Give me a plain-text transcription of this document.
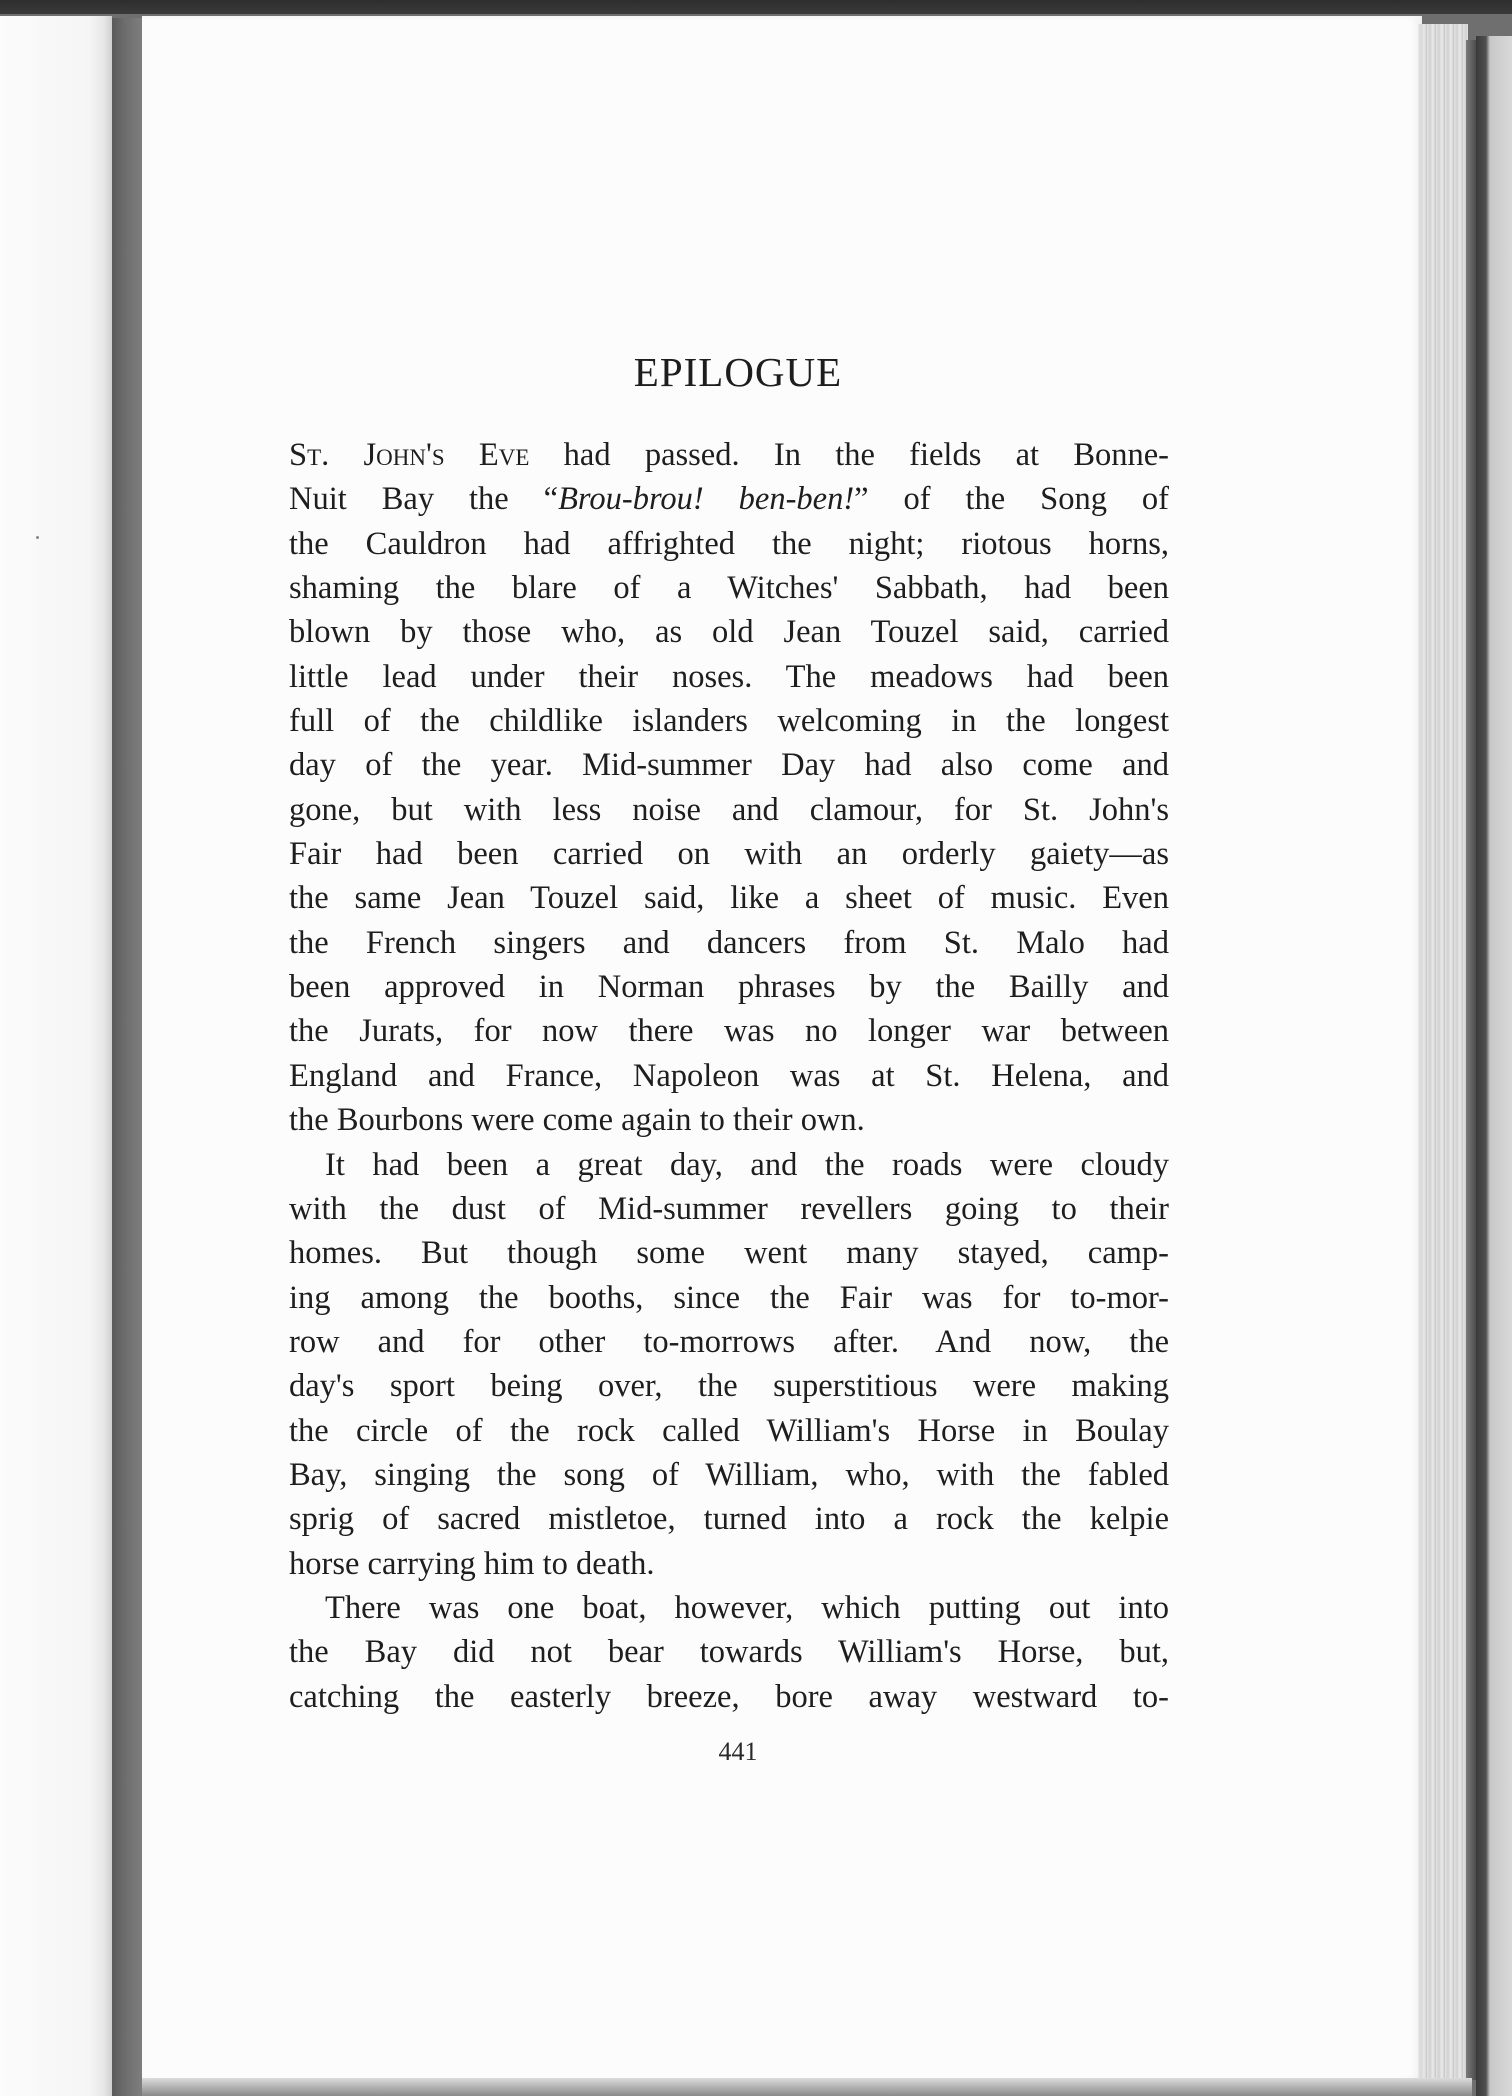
EPILOGUE
St. John's Eve had passed. In the fields at Bonne-
Nuit Bay the “Brou-brou! ben-ben!” of the Song of
the Cauldron had affrighted the night; riotous horns,
shaming the blare of a Witches' Sabbath, had been
blown by those who, as old Jean Touzel said, carried
little lead under their noses. The meadows had been
full of the childlike islanders welcoming in the longest
day of the year. Mid-summer Day had also come and
gone, but with less noise and clamour, for St. John's
Fair had been carried on with an orderly gaiety—as
the same Jean Touzel said, like a sheet of music. Even
the French singers and dancers from St. Malo had
been approved in Norman phrases by the Bailly and
the Jurats, for now there was no longer war between
England and France, Napoleon was at St. Helena, and
the Bourbons were come again to their own.
It had been a great day, and the roads were cloudy
with the dust of Mid-summer revellers going to their
homes. But though some went many stayed, camp-
ing among the booths, since the Fair was for to-mor-
row and for other to-morrows after. And now, the
day's sport being over, the superstitious were making
the circle of the rock called William's Horse in Boulay
Bay, singing the song of William, who, with the fabled
sprig of sacred mistletoe, turned into a rock the kelpie
horse carrying him to death.
There was one boat, however, which putting out into
the Bay did not bear towards William's Horse, but,
catching the easterly breeze, bore away westward to-
441
